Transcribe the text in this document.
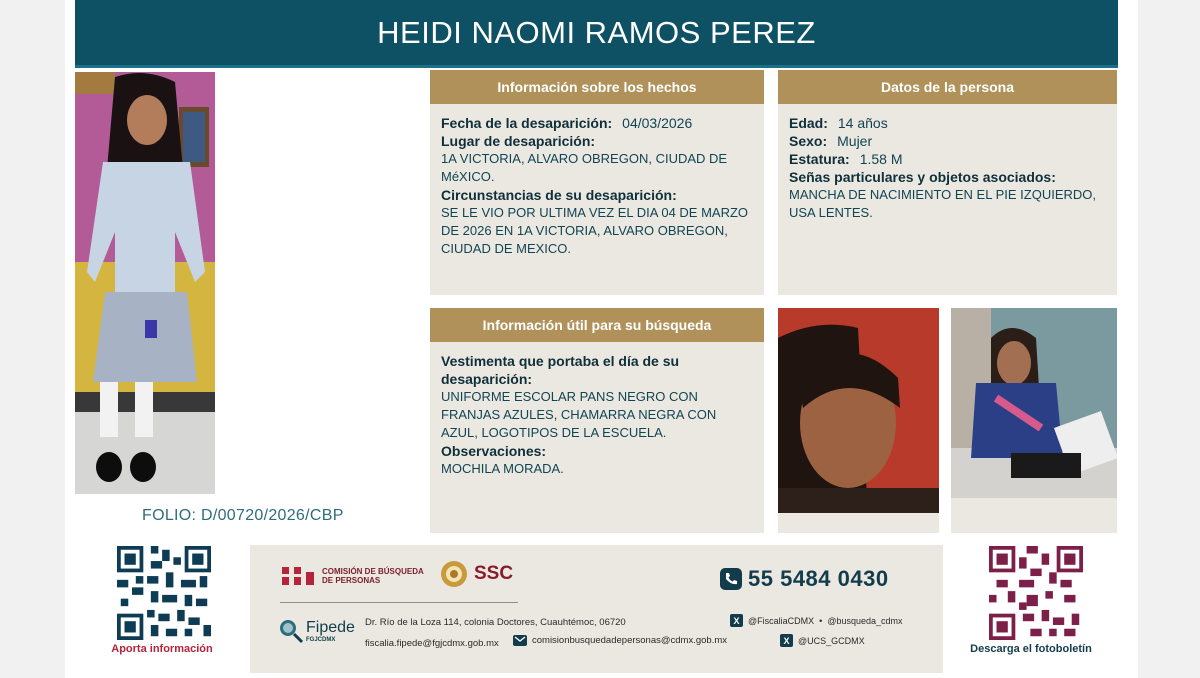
HEIDI NAOMI RAMOS PEREZ
FOLIO: D/00720/2026/CBP
Información sobre los hechos
Fecha de la desaparición: 04/03/2026
Lugar de desaparición:
1A VICTORIA, ALVARO OBREGON, CIUDAD DE MéXICO.
Circunstancias de su desaparición:
SE LE VIO POR ULTIMA VEZ EL DIA 04 DE MARZO DE 2026 EN 1A VICTORIA, ALVARO OBREGON, CIUDAD DE MEXICO.
Datos de la persona
Edad: 14 años
Sexo: Mujer
Estatura: 1.58 M
Señas particulares y objetos asociados:
MANCHA DE NACIMIENTO EN EL PIE IZQUIERDO, USA LENTES.
Información útil para su búsqueda
Vestimenta que portaba el día de su desaparición:
UNIFORME ESCOLAR PANS NEGRO CON FRANJAS AZULES, CHAMARRA NEGRA CON AZUL, LOGOTIPOS DE LA ESCUELA.
Observaciones:
MOCHILA MORADA.
Aporta información	Descarga el fotoboletín
COMISIÓN DE BÚSQUEDA
DE PERSONAS	SSC	55 5484 0430
Fipede
FGJCDMX
Dr. Río de la Loza 114, colonia Doctores, Cuauhtémoc, 06720
fiscalia.fipede@fgjcdmx.gob.mx	comisionbusquedadepersonas@cdmx.gob.mx
X @FiscaliaCDMX • @busqueda_cdmx
X @UCS_GCDMX
